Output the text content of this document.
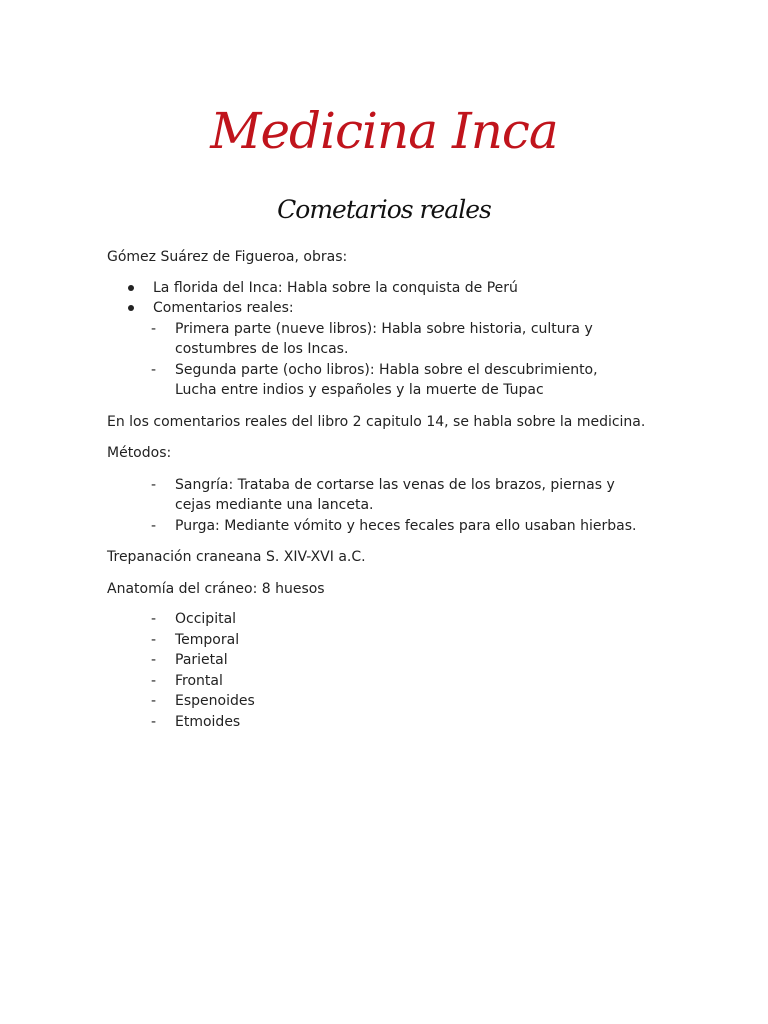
Medicina Inca
Cometarios reales

Gómez Suárez de Figueroa, obras:

La florida del Inca: Habla sobre la conquista de Perú
Comentarios reales:
- Primera parte (nueve libros): Habla sobre historia, cultura y
costumbres de los Incas.
- Segunda parte (ocho libros): Habla sobre el descubrimiento,
Lucha entre indios y españoles y la muerte de Tupac

En los comentarios reales del libro 2 capitulo 14, se habla sobre la medicina.

Métodos:

- Sangría: Trataba de cortarse las venas de los brazos, piernas y
cejas mediante una lanceta.
- Purga: Mediante vómito y heces fecales para ello usaban hierbas.

Trepanación craneana S. XIV-XVI a.C.

Anatomía del cráneo: 8 huesos

- Occipital
- Temporal
- Parietal
- Frontal
- Espenoides
- Etmoides
